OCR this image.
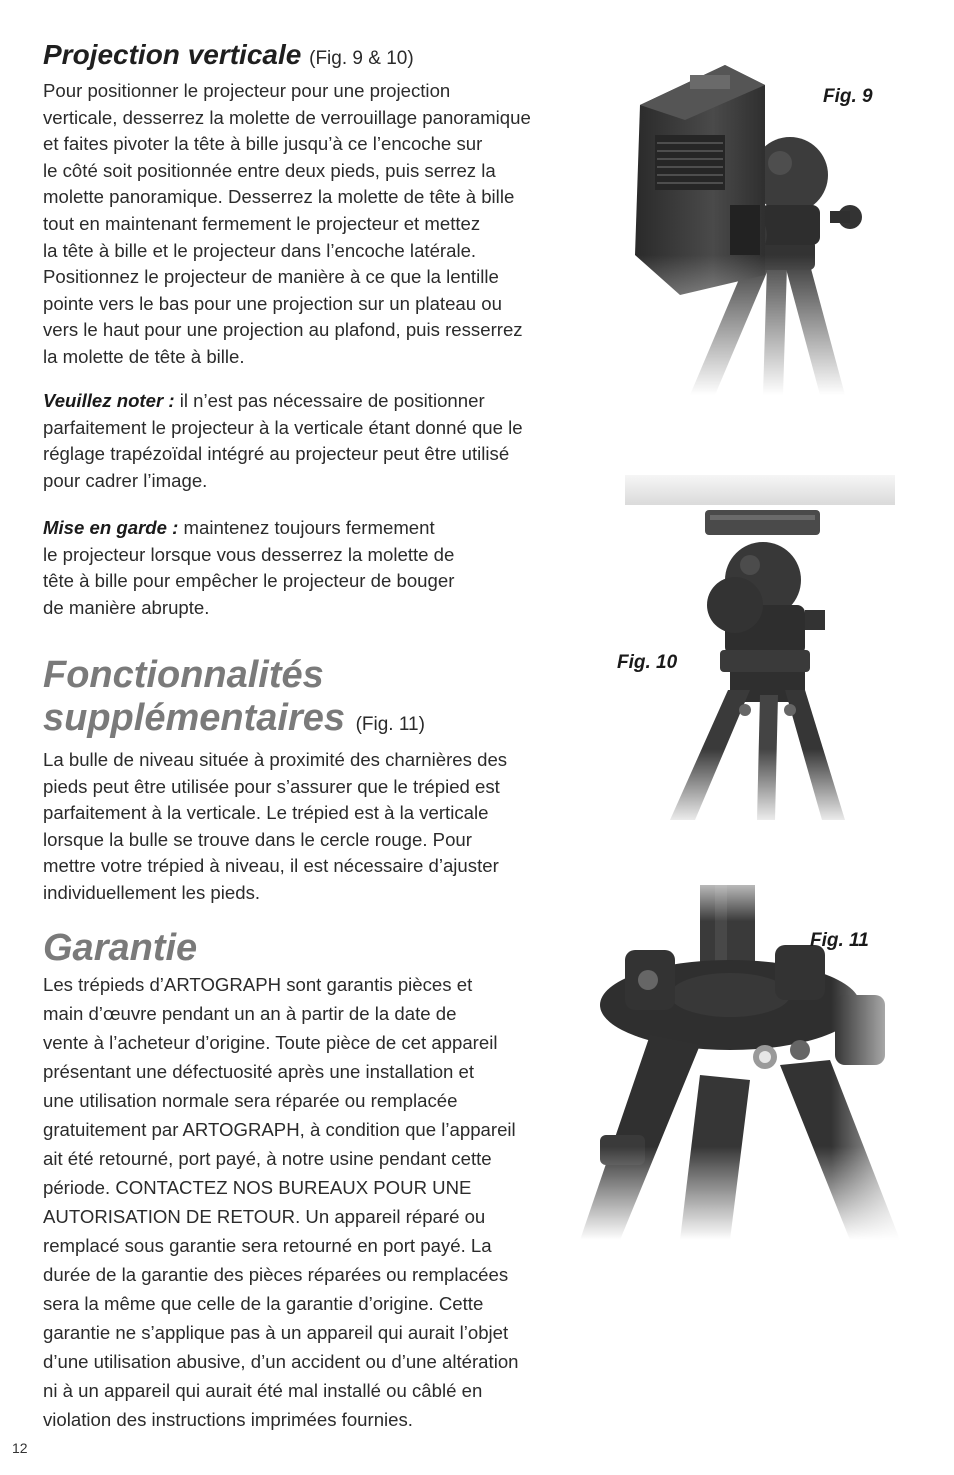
Projection verticale (Fig. 9 & 10)

Pour positionner le projecteur pour une projection
verticale, desserrez la molette de verrouillage panoramique
et faites pivoter la tête à bille jusqu’à ce l’encoche sur
le côté soit positionnée entre deux pieds, puis serrez la
molette panoramique. Desserrez la molette de tête à bille
tout en maintenant fermement le projecteur et mettez
la tête à bille et le projecteur dans l’encoche latérale.
Positionnez le projecteur de manière à ce que la lentille
pointe vers le bas pour une projection sur un plateau ou
vers le haut pour une projection au plafond, puis resserrez
la molette de tête à bille.

Veuillez noter : il n’est pas nécessaire de positionner
parfaitement le projecteur à la verticale étant donné que le
réglage trapézoïdal intégré au projecteur peut être utilisé
pour cadrer l’image.

Mise en garde : maintenez toujours fermement
le projecteur lorsque vous desserrez la molette de
tête à bille pour empêcher le projecteur de bouger
de manière abrupte.

Fonctionnalités
supplémentaires (Fig. 11)

La bulle de niveau située à proximité des charnières des
pieds peut être utilisée pour s’assurer que le trépied est
parfaitement à la verticale. Le trépied est à la verticale
lorsque la bulle se trouve dans le cercle rouge. Pour
mettre votre trépied à niveau, il est nécessaire d’ajuster
individuellement les pieds.

Garantie

Les trépieds d’ARTOGRAPH sont garantis pièces et
main d’œuvre pendant un an à partir de la date de
vente à l’acheteur d’origine. Toute pièce de cet appareil
présentant une défectuosité après une installation et
une utilisation normale sera réparée ou remplacée
gratuitement par ARTOGRAPH, à condition que l’appareil
ait été retourné, port payé, à notre usine pendant cette
période. CONTACTEZ NOS BUREAUX POUR UNE
AUTORISATION DE RETOUR. Un appareil réparé ou
remplacé sous garantie sera retourné en port payé. La
durée de la garantie des pièces réparées ou remplacées
sera la même que celle de la garantie d’origine. Cette
garantie ne s’applique pas à un appareil qui aurait l’objet
d’une utilisation abusive, d’un accident ou d’une altération
ni à un appareil qui aurait été mal installé ou câblé en
violation des instructions imprimées fournies.

Fig. 9
Fig. 10
Fig. 11
12
